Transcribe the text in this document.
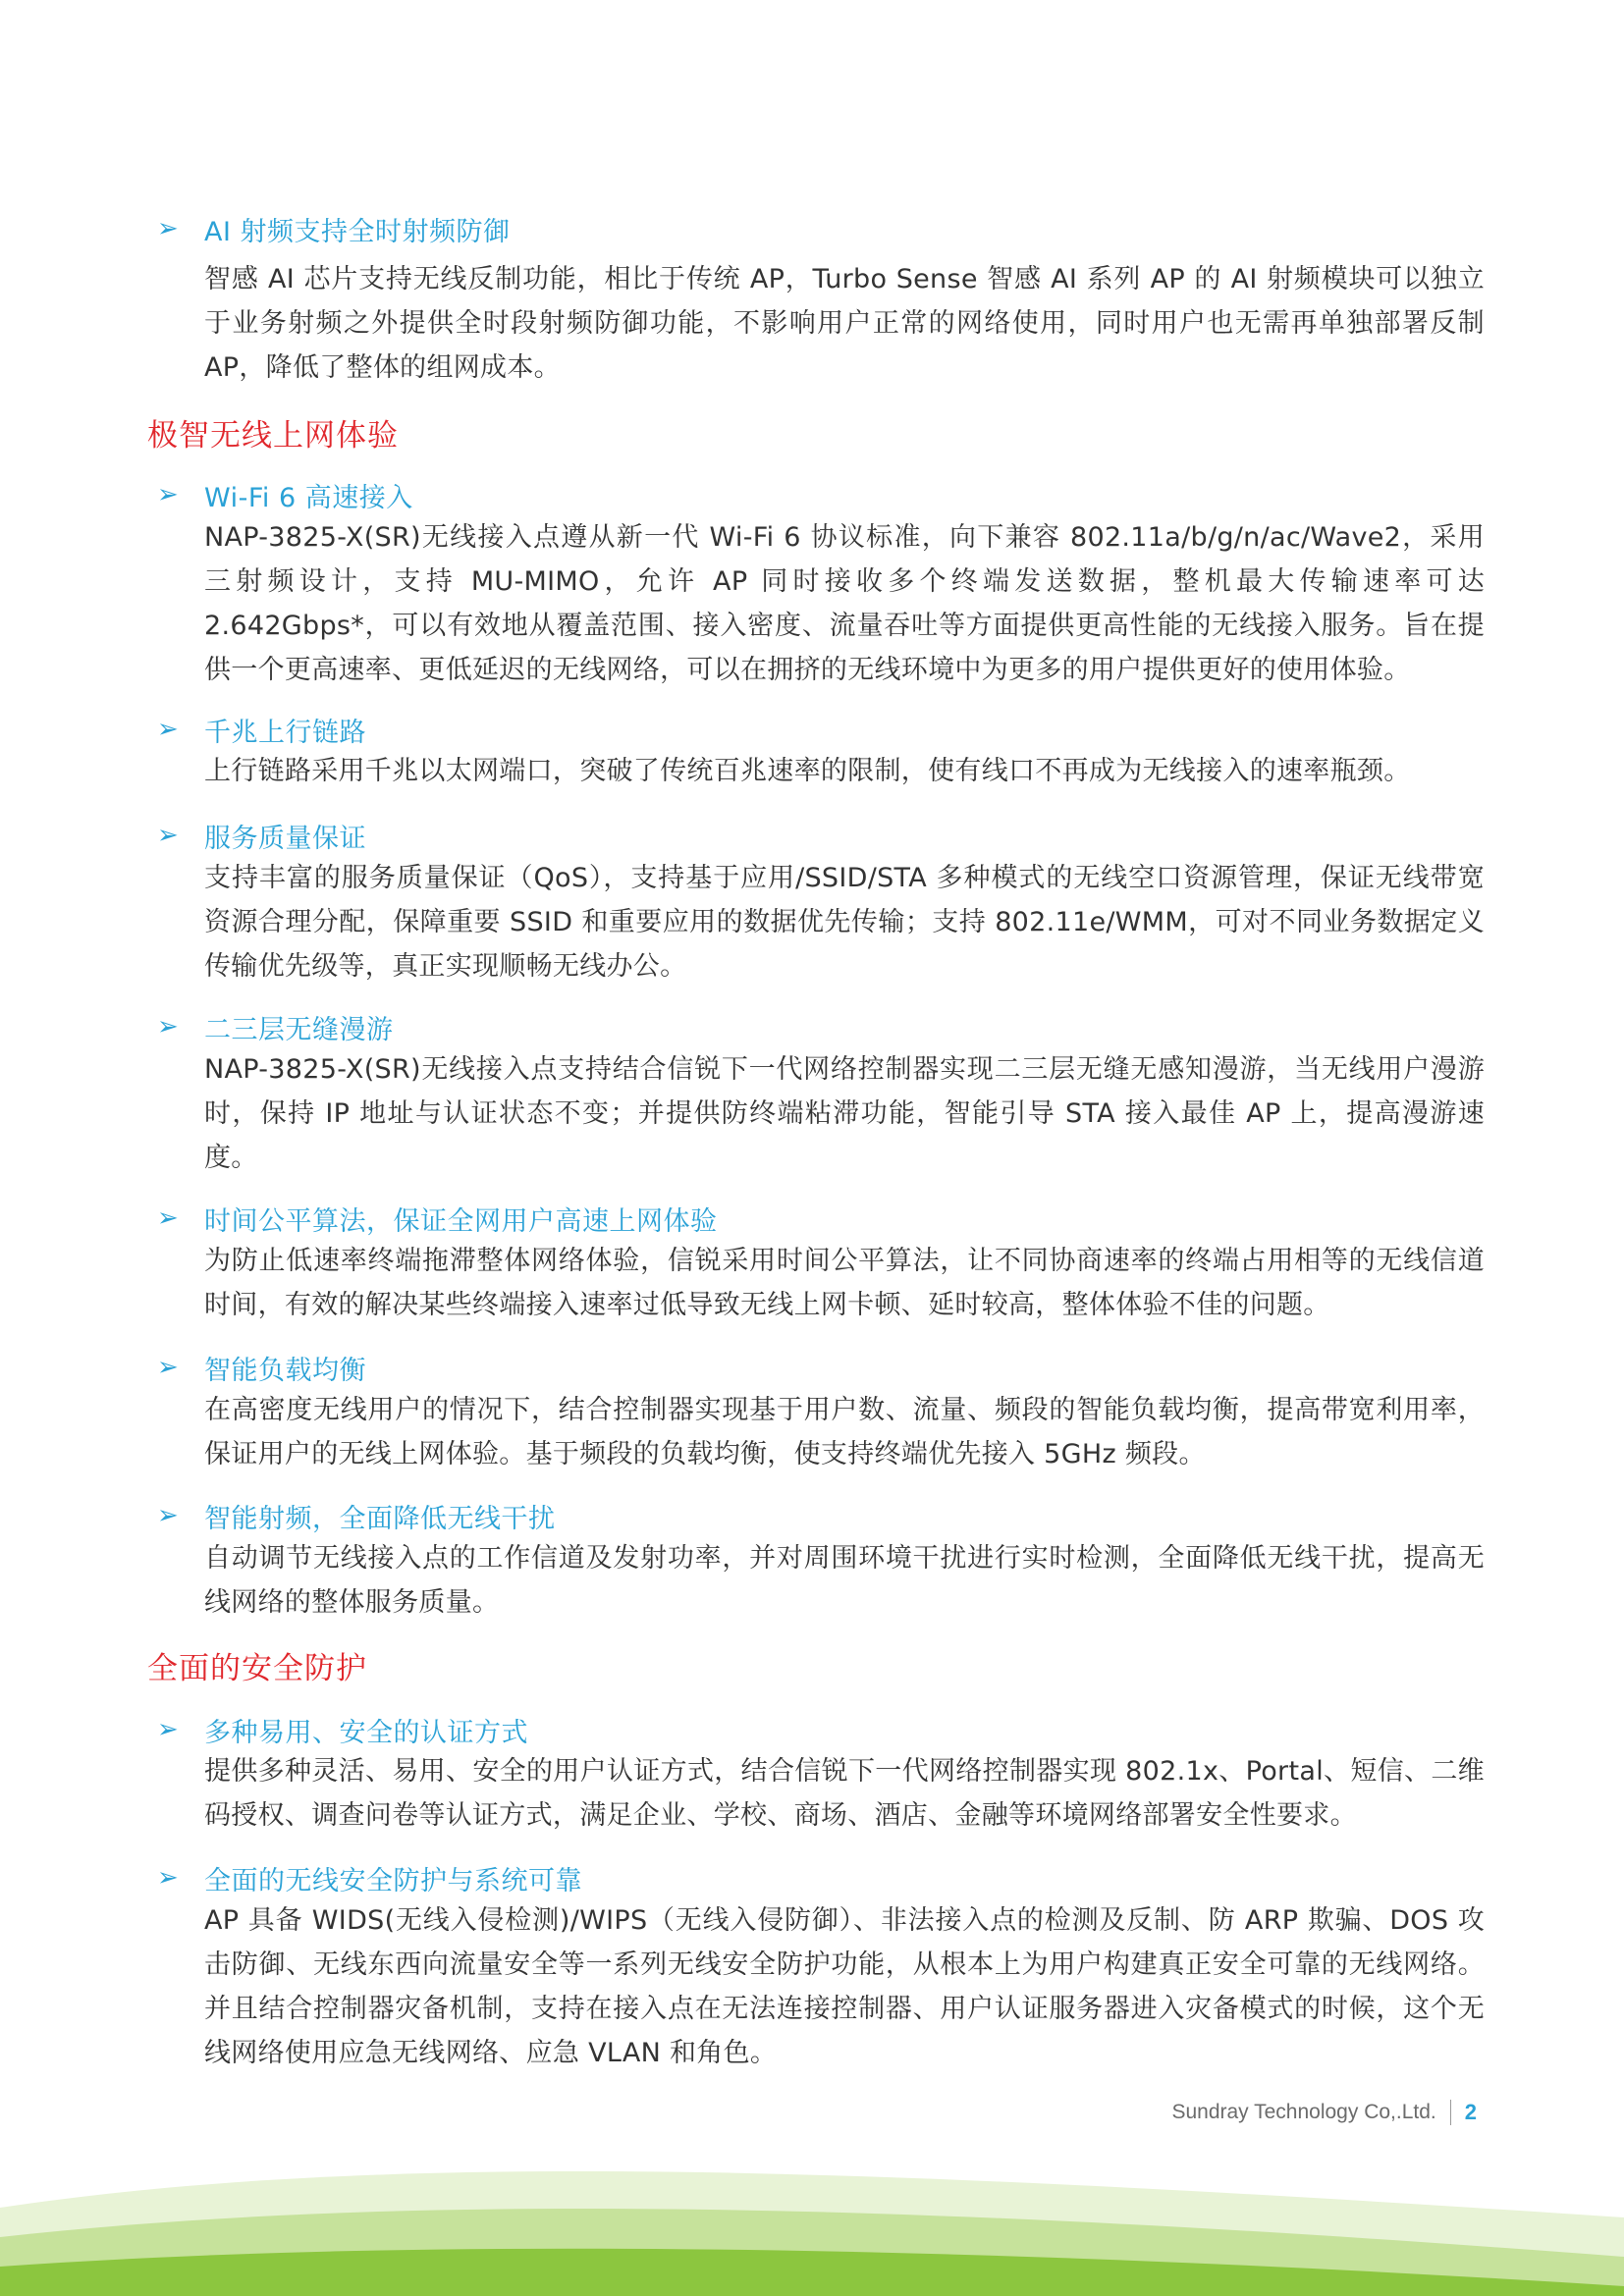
➢ AI 射频支持全时射频防御
智感 AI 芯片支持无线反制功能，相比于传统 AP，Turbo Sense 智感 AI 系列 AP 的 AI 射频模块可以独立于业务射频之外提供全时段射频防御功能，不影响用户正常的网络使用，同时用户也无需再单独部署反制 AP，降低了整体的组网成本。
极智无线上网体验
➢ Wi-Fi 6 高速接入
NAP-3825-X(SR)无线接入点遵从新一代 Wi-Fi 6 协议标准，向下兼容 802.11a/b/g/n/ac/Wave2，采用三射频设计，支持 MU-MIMO，允许 AP 同时接收多个终端发送数据，整机最大传输速率可达 2.642Gbps*，可以有效地从覆盖范围、接入密度、流量吞吐等方面提供更高性能的无线接入服务。旨在提供一个更高速率、更低延迟的无线网络，可以在拥挤的无线环境中为更多的用户提供更好的使用体验。
➢ 千兆上行链路
上行链路采用千兆以太网端口，突破了传统百兆速率的限制，使有线口不再成为无线接入的速率瓶颈。
➢ 服务质量保证
支持丰富的服务质量保证（QoS），支持基于应用/SSID/STA 多种模式的无线空口资源管理，保证无线带宽资源合理分配，保障重要 SSID 和重要应用的数据优先传输；支持 802.11e/WMM，可对不同业务数据定义传输优先级等，真正实现顺畅无线办公。
➢ 二三层无缝漫游
NAP-3825-X(SR)无线接入点支持结合信锐下一代网络控制器实现二三层无缝无感知漫游，当无线用户漫游时，保持 IP 地址与认证状态不变；并提供防终端粘滞功能，智能引导 STA 接入最佳 AP 上，提高漫游速度。
➢ 时间公平算法，保证全网用户高速上网体验
为防止低速率终端拖滞整体网络体验，信锐采用时间公平算法，让不同协商速率的终端占用相等的无线信道时间，有效的解决某些终端接入速率过低导致无线上网卡顿、延时较高，整体体验不佳的问题。
➢ 智能负载均衡
在高密度无线用户的情况下，结合控制器实现基于用户数、流量、频段的智能负载均衡，提高带宽利用率，保证用户的无线上网体验。基于频段的负载均衡，使支持终端优先接入 5GHz 频段。
➢ 智能射频，全面降低无线干扰
自动调节无线接入点的工作信道及发射功率，并对周围环境干扰进行实时检测，全面降低无线干扰，提高无线网络的整体服务质量。
全面的安全防护
➢ 多种易用、安全的认证方式
提供多种灵活、易用、安全的用户认证方式，结合信锐下一代网络控制器实现 802.1x、Portal、短信、二维码授权、调查问卷等认证方式，满足企业、学校、商场、酒店、金融等环境网络部署安全性要求。
➢ 全面的无线安全防护与系统可靠
AP 具备 WIDS(无线入侵检测)/WIPS（无线入侵防御）、非法接入点的检测及反制、防 ARP 欺骗、DOS 攻击防御、无线东西向流量安全等一系列无线安全防护功能，从根本上为用户构建真正安全可靠的无线网络。并且结合控制器灾备机制，支持在接入点在无法连接控制器、用户认证服务器进入灾备模式的时候，这个无线网络使用应急无线网络、应急 VLAN 和角色。
Sundray Technology Co,.Ltd. 2
